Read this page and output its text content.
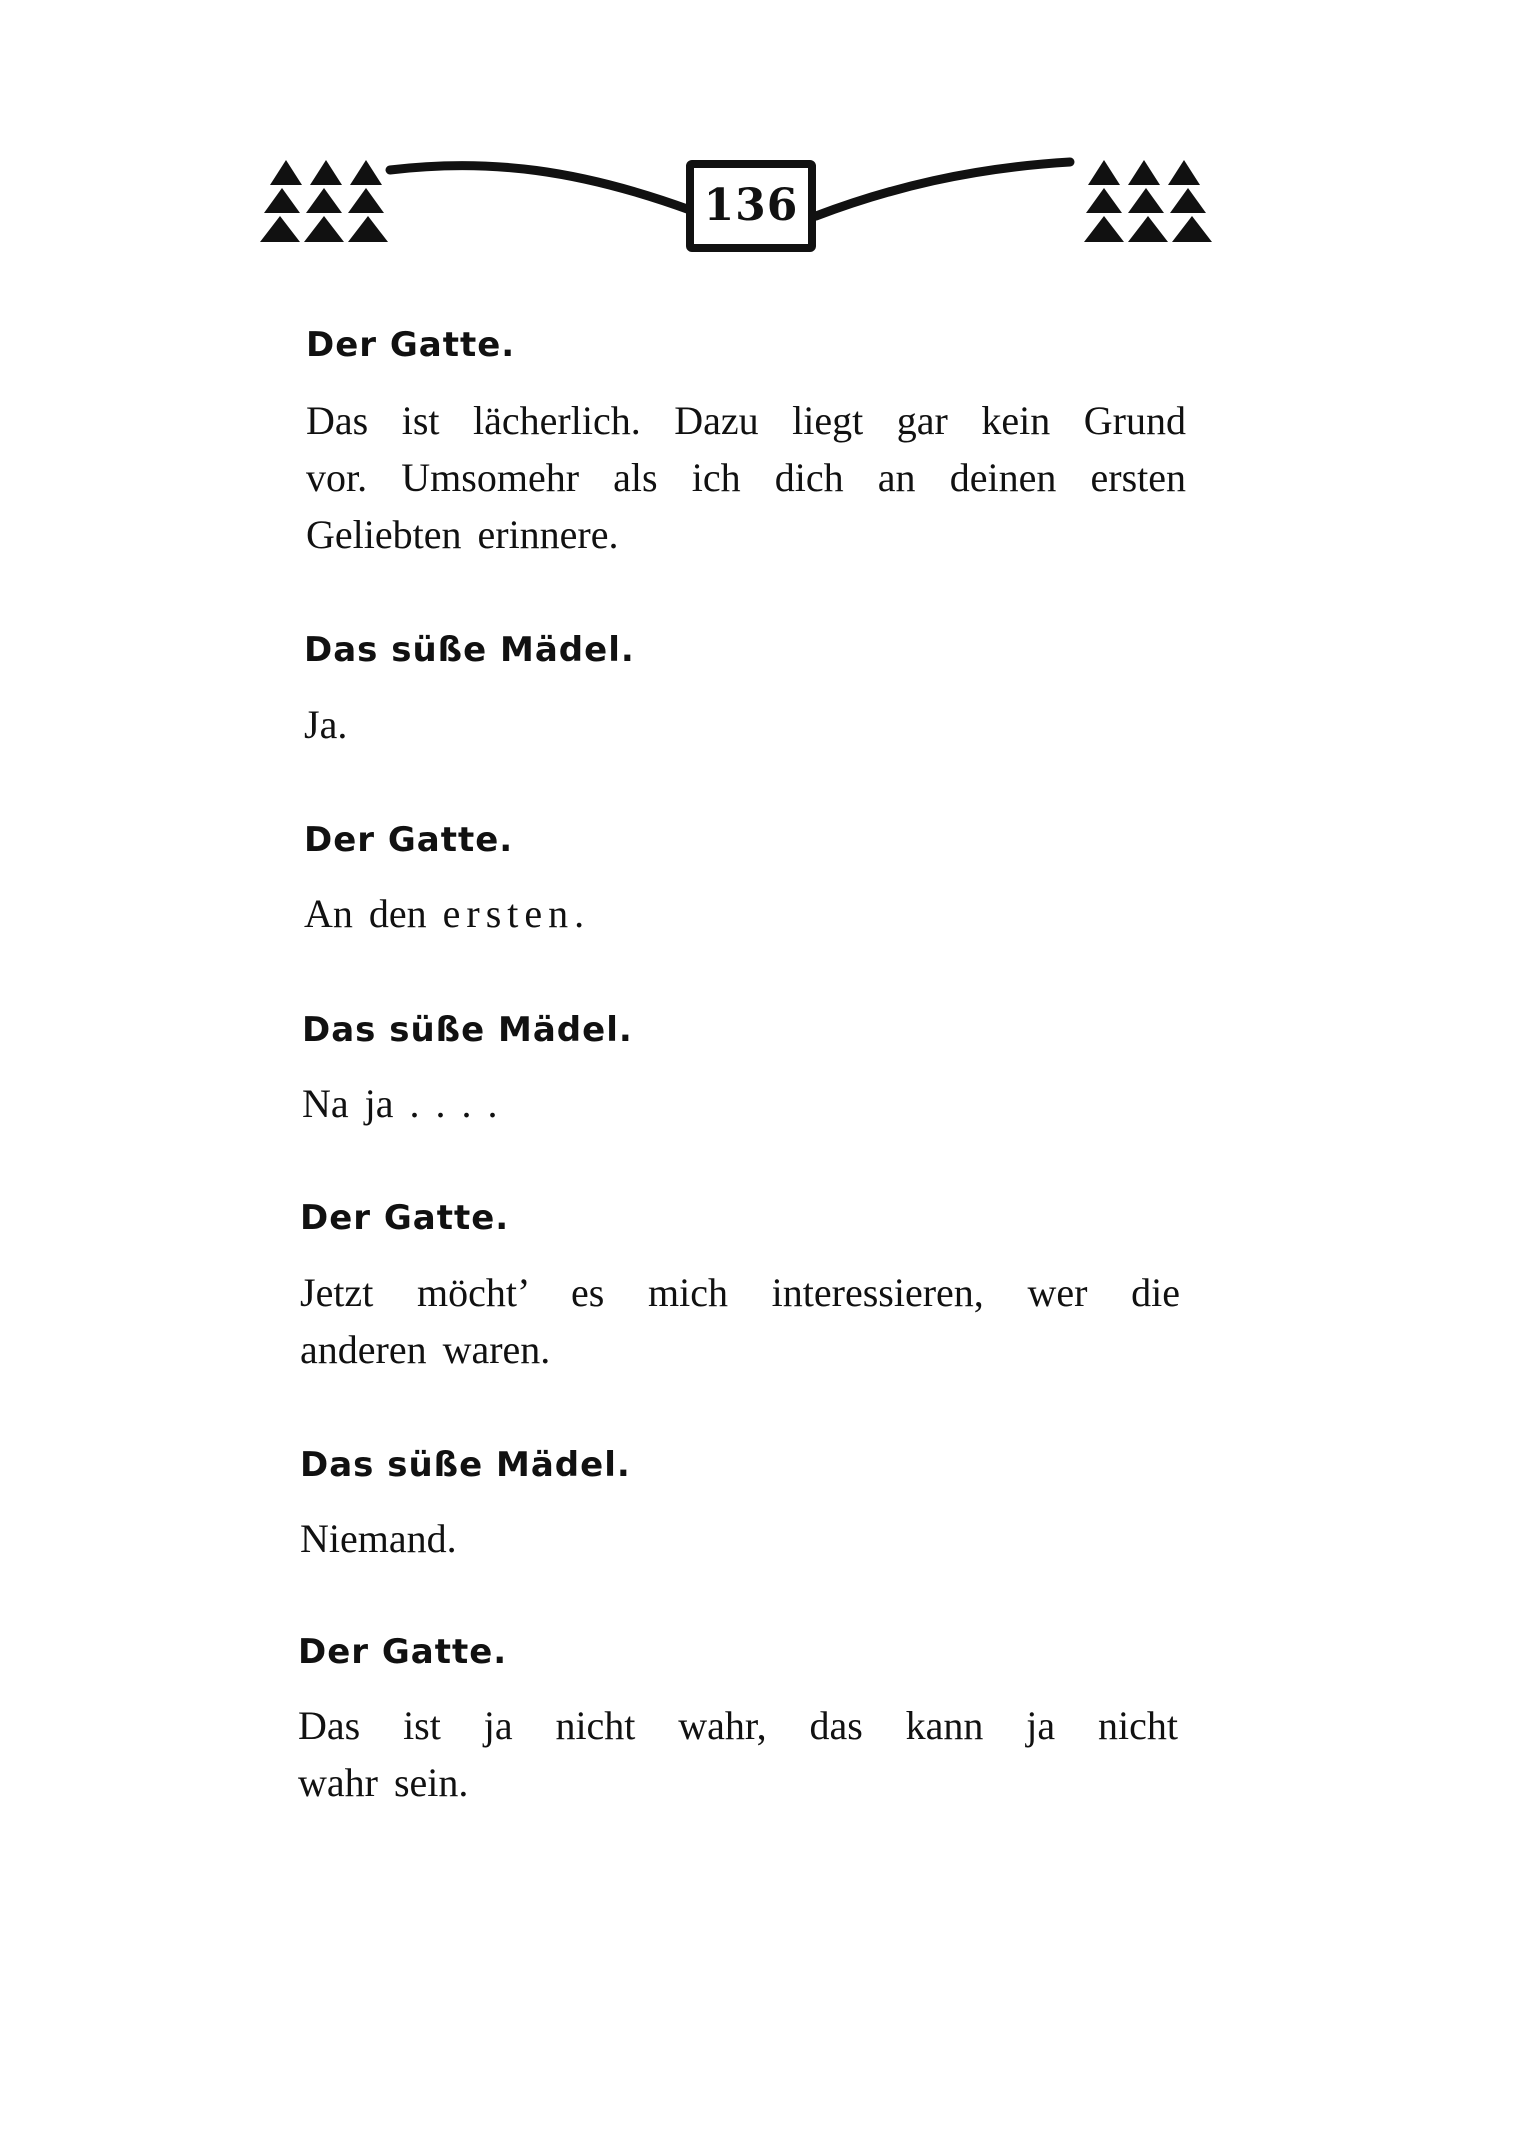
136
Der Gatte.
Das ist lächerlich. Dazu liegt gar kein Grund
vor. Umsomehr als ich dich an deinen ersten
Geliebten erinnere.
Das süße Mädel.
Ja.
Der Gatte.
An den ersten.
Das süße Mädel.
Na ja . . . .
Der Gatte.
Jetzt möcht’ es mich interessieren, wer die
anderen waren.
Das süße Mädel.
Niemand.
Der Gatte.
Das ist ja nicht wahr, das kann ja nicht
wahr sein.
